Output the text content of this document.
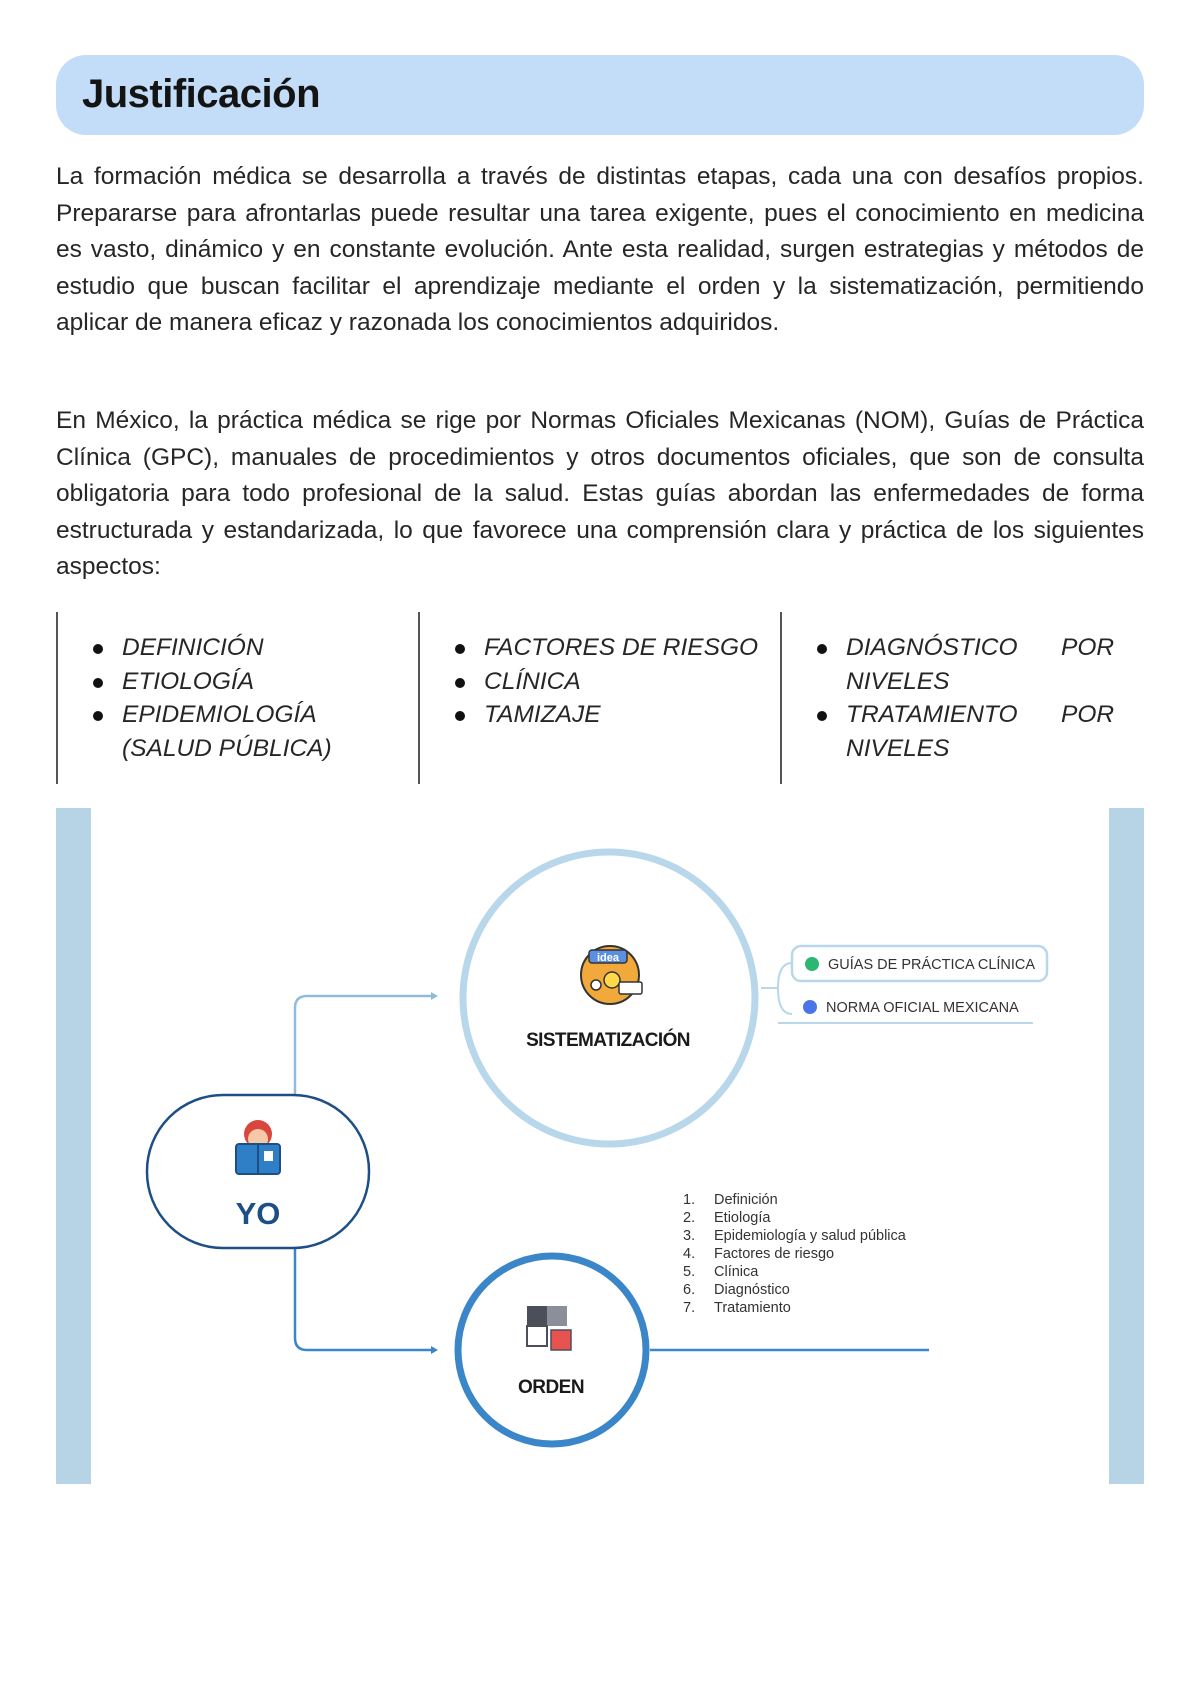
Justificación

La formación médica se desarrolla a través de distintas etapas, cada una con desafíos propios. Prepararse para afrontarlas puede resultar una tarea exigente, pues el conocimiento en medicina es vasto, dinámico y en constante evolución. Ante esta realidad, surgen estrategias y métodos de estudio que buscan facilitar el aprendizaje mediante el orden y la sistematización, permitiendo aplicar de manera eficaz y razonada los conocimientos adquiridos.

En México, la práctica médica se rige por Normas Oficiales Mexicanas (NOM), Guías de Práctica Clínica (GPC), manuales de procedimientos y otros documentos oficiales, que son de consulta obligatoria para todo profesional de la salud. Estas guías abordan las enfermedades de forma estructurada y estandarizada, lo que favorece una comprensión clara y práctica de los siguientes aspectos:

DEFINICIÓN
ETIOLOGÍA
EPIDEMIOLOGÍA (SALUD PÚBLICA)
FACTORES DE RIESGO
CLÍNICA
TAMIZAJE
DIAGNÓSTICO POR
NIVELES
TRATAMIENTO POR
NIVELES
YO
idea
SISTEMATIZACIÓN
GUÍAS DE PRÁCTICA CLÍNICA
NORMA OFICIAL MEXICANA
ORDEN
1. Definición
2. Etiología
3. Epidemiología y salud pública
4. Factores de riesgo
5. Clínica
6. Diagnóstico
7. Tratamiento
